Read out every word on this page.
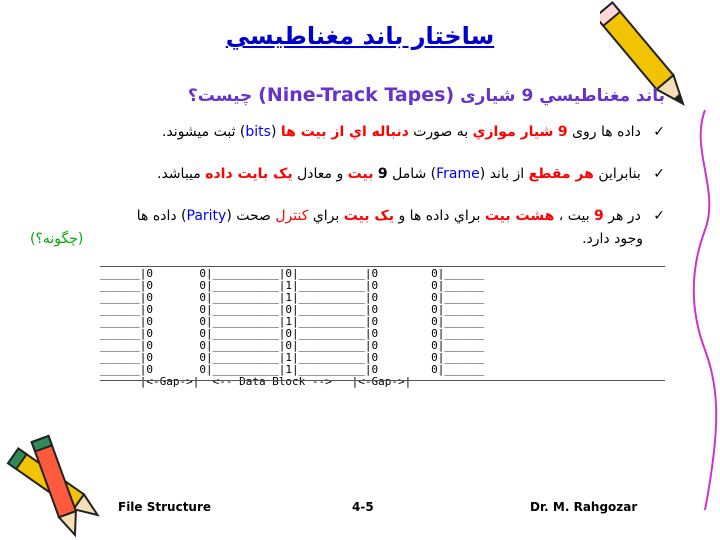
ساختار باند مغناطيسي
باند مغناطيسي 9 شياری (Nine-Track Tapes) چيست؟
✓ داده ها روی 9 شيار موازي به صورت دنباله اي از بيت ها (bits) ثبت ميشوند.
✓ بنابراين هر مقطع از باند (Frame) شامل 9 بيت و معادل يک بايت داده ميباشد.
✓ در هر 9 بيت ، هشت بيت براي داده ها و يک بيت براي کنترل صحت (Parity) داده ها
وجود دارد.
(چگونه؟)
______|0       0|__________|0|__________|0        0|______
______|0       0|__________|1|__________|0        0|______
______|0       0|__________|1|__________|0        0|______
______|0       0|__________|0|__________|0        0|______
______|0       0|__________|1|__________|0        0|______
______|0       0|__________|0|__________|0        0|______
______|0       0|__________|0|__________|0        0|______
______|0       0|__________|1|__________|0        0|______
______|0       0|__________|1|__________|0        0|______
|<-Gap->|  <-- Data Block -->   |<-Gap->|
File Structure	4-5	Dr. M. Rahgozar
